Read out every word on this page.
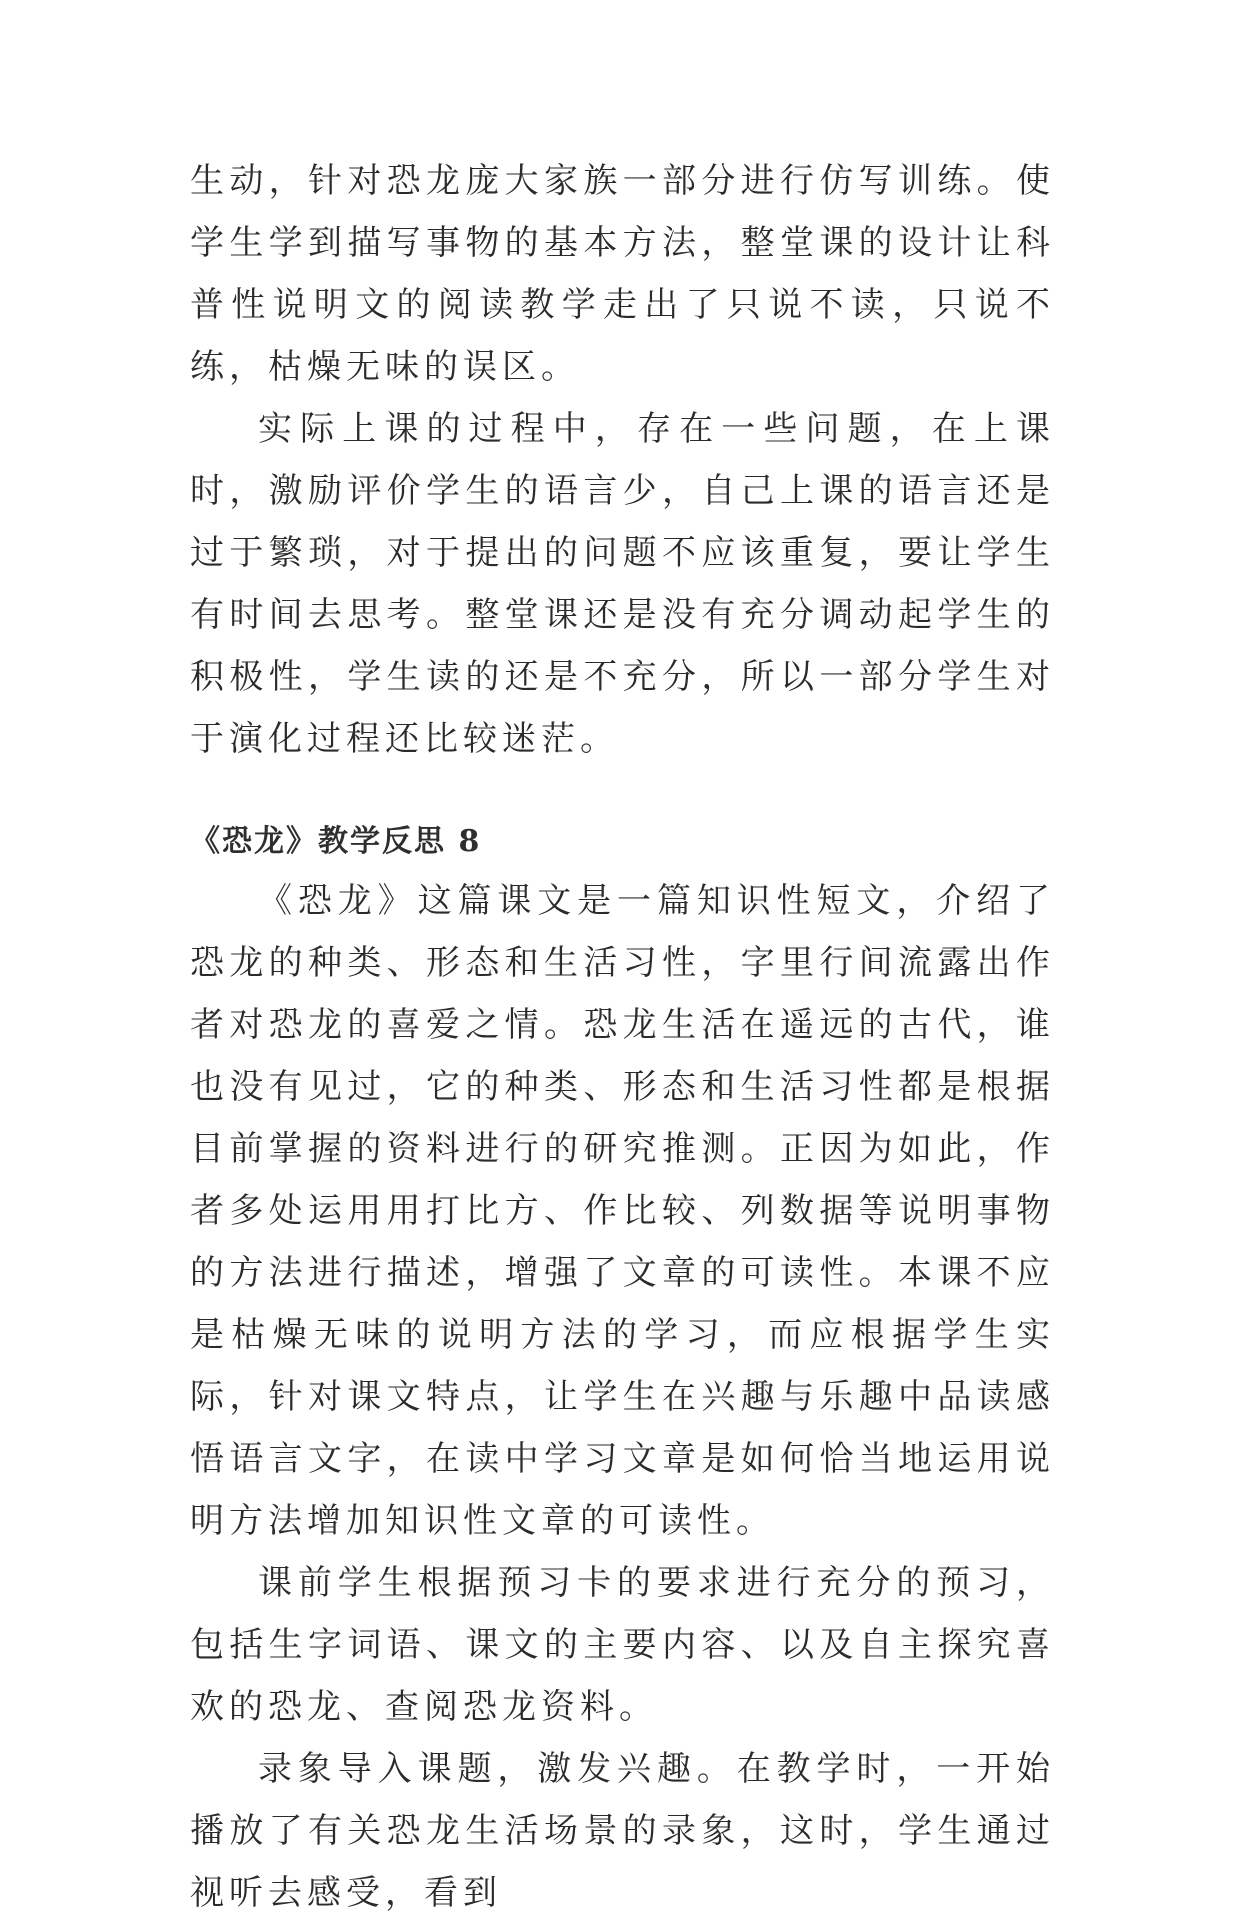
生动，针对恐龙庞大家族一部分进行仿写训练。使学生学到描写事物的基本方法，整堂课的设计让科普性说明文的阅读教学走出了只说不读，只说不练，枯燥无味的误区。

实际上课的过程中，存在一些问题，在上课时，激励评价学生的语言少，自己上课的语言还是过于繁琐，对于提出的问题不应该重复，要让学生有时间去思考。整堂课还是没有充分调动起学生的积极性，学生读的还是不充分，所以一部分学生对于演化过程还比较迷茫。

《恐龙》教学反思 8

《恐龙》这篇课文是一篇知识性短文，介绍了恐龙的种类、形态和生活习性，字里行间流露出作者对恐龙的喜爱之情。恐龙生活在遥远的古代，谁也没有见过，它的种类、形态和生活习性都是根据目前掌握的资料进行的研究推测。正因为如此，作者多处运用用打比方、作比较、列数据等说明事物的方法进行描述，增强了文章的可读性。本课不应是枯燥无味的说明方法的学习，而应根据学生实际，针对课文特点，让学生在兴趣与乐趣中品读感悟语言文字，在读中学习文章是如何恰当地运用说明方法增加知识性文章的可读性。

课前学生根据预习卡的要求进行充分的预习，包括生字词语、课文的主要内容、以及自主探究喜欢的恐龙、查阅恐龙资料。

录象导入课题，激发兴趣。在教学时，一开始播放了有关恐龙生活场景的录象，这时，学生通过视听去感受，看到
